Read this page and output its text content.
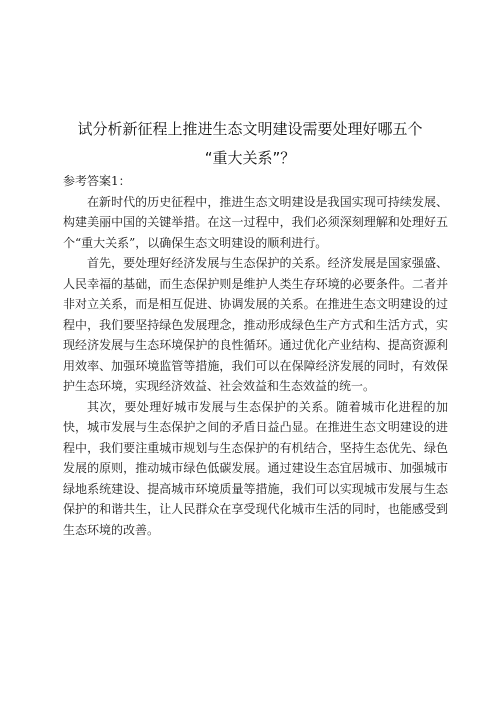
试分析新征程上推进生态文明建设需要处理好哪五个
“重大关系”？

参考答案1：

在新时代的历史征程中，推进生态文明建设是我国实现可持续发展、构建美丽中国的关键举措。在这一过程中，我们必须深刻理解和处理好五个“重大关系”，以确保生态文明建设的顺利进行。

首先，要处理好经济发展与生态保护的关系。经济发展是国家强盛、人民幸福的基础，而生态保护则是维护人类生存环境的必要条件。二者并非对立关系，而是相互促进、协调发展的关系。在推进生态文明建设的过程中，我们要坚持绿色发展理念，推动形成绿色生产方式和生活方式，实现经济发展与生态环境保护的良性循环。通过优化产业结构、提高资源利用效率、加强环境监管等措施，我们可以在保障经济发展的同时，有效保护生态环境，实现经济效益、社会效益和生态效益的统一。

其次，要处理好城市发展与生态保护的关系。随着城市化进程的加快，城市发展与生态保护之间的矛盾日益凸显。在推进生态文明建设的进程中，我们要注重城市规划与生态保护的有机结合，坚持生态优先、绿色发展的原则，推动城市绿色低碳发展。通过建设生态宜居城市、加强城市绿地系统建设、提高城市环境质量等措施，我们可以实现城市发展与生态保护的和谐共生，让人民群众在享受现代化城市生活的同时，也能感受到生态环境的改善。
